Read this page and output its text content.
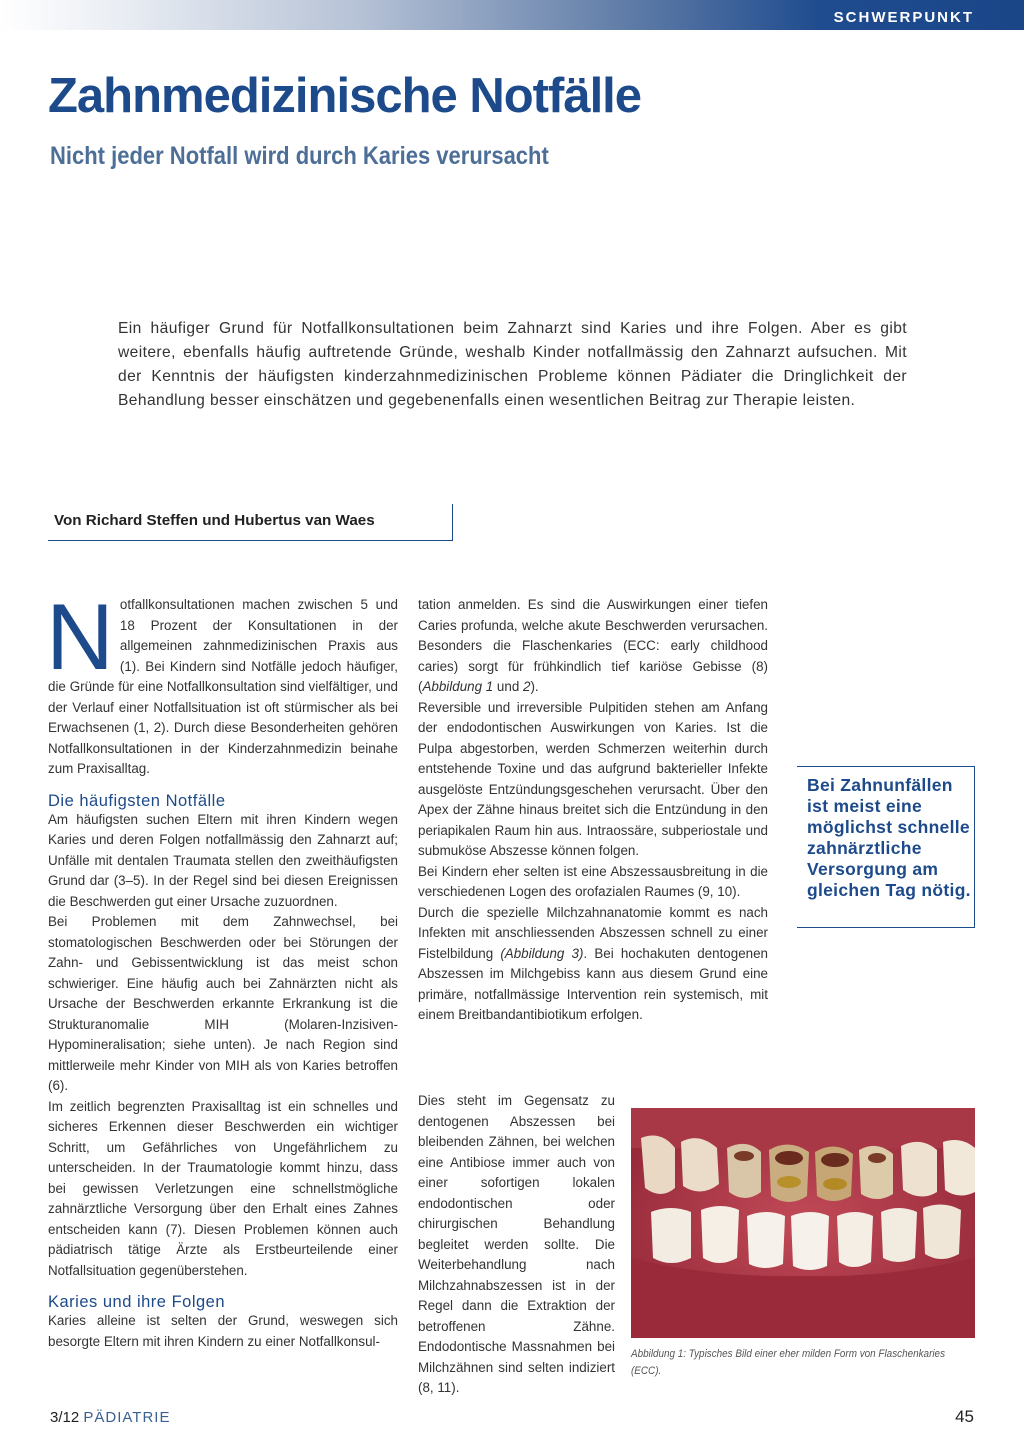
SCHWERPUNKT
Zahnmedizinische Notfälle
Nicht jeder Notfall wird durch Karies verursacht

Ein häufiger Grund für Notfallkonsultationen beim Zahnarzt sind Karies und ihre Folgen. Aber es gibt weitere, ebenfalls häufig auftretende Gründe, weshalb Kinder notfallmässig den Zahnarzt aufsuchen. Mit der Kenntnis der häufigsten kinderzahnmedizinischen Probleme können Pädiater die Dringlichkeit der Behandlung besser einschätzen und gegebenenfalls einen wesentlichen Beitrag zur Therapie leisten.

Von Richard Steffen und Hubertus van Waes

Notfallkonsultationen machen zwischen 5 und 18 Prozent der Konsultationen in der allgemeinen zahnmedizinischen Praxis aus (1). Bei Kindern sind Notfälle jedoch häufiger, die Gründe für eine Notfallkonsultation sind vielfältiger, und der Verlauf einer Notfallsituation ist oft stürmischer als bei Erwachsenen (1, 2). Durch diese Besonderheiten gehören Notfallkonsultationen in der Kinderzahnmedizin beinahe zum Praxisalltag.

Die häufigsten Notfälle

Am häufigsten suchen Eltern mit ihren Kindern wegen Karies und deren Folgen notfallmässig den Zahnarzt auf; Unfälle mit dentalen Traumata stellen den zweithäufigsten Grund dar (3–5). In der Regel sind bei diesen Ereignissen die Beschwerden gut einer Ursache zuzuordnen.

Bei Problemen mit dem Zahnwechsel, bei stomatologischen Beschwerden oder bei Störungen der Zahn- und Gebissentwicklung ist das meist schon schwieriger. Eine häufig auch bei Zahnärzten nicht als Ursache der Beschwerden erkannte Erkrankung ist die Strukturanomalie MIH (Molaren-Inzisiven-Hypomineralisation; siehe unten). Je nach Region sind mittlerweile mehr Kinder von MIH als von Karies betroffen (6).

Im zeitlich begrenzten Praxisalltag ist ein schnelles und sicheres Erkennen dieser Beschwerden ein wichtiger Schritt, um Gefährliches von Ungefährlichem zu unterscheiden. In der Traumatologie kommt hinzu, dass bei gewissen Verletzungen eine schnellstmögliche zahnärztliche Versorgung über den Erhalt eines Zahnes entscheiden kann (7). Diesen Problemen können auch pädiatrisch tätige Ärzte als Erstbeurteilende einer Notfallsituation gegenüberstehen.

Karies und ihre Folgen

Karies alleine ist selten der Grund, weswegen sich besorgte Eltern mit ihren Kindern zu einer Notfallkonsul-

tation anmelden. Es sind die Auswirkungen einer tiefen Caries profunda, welche akute Beschwerden verursachen. Besonders die Flaschenkaries (ECC: early childhood caries) sorgt für frühkindlich tief kariöse Gebisse (8) (Abbildung 1 und 2).

Reversible und irreversible Pulpitiden stehen am Anfang der endodontischen Auswirkungen von Karies. Ist die Pulpa abgestorben, werden Schmerzen weiterhin durch entstehende Toxine und das aufgrund bakterieller Infekte ausgelöste Entzündungsgeschehen verursacht. Über den Apex der Zähne hinaus breitet sich die Entzündung in den periapikalen Raum hin aus. Intraossäre, subperiostale und submuköse Abszesse können folgen.

Bei Kindern eher selten ist eine Abszessausbreitung in die verschiedenen Logen des orofazialen Raumes (9, 10).

Durch die spezielle Milchzahnanatomie kommt es nach Infekten mit anschliessenden Abszessen schnell zu einer Fistelbildung (Abbildung 3). Bei hochakuten dentogenen Abszessen im Milchgebiss kann aus diesem Grund eine primäre, notfallmässige Intervention rein systemisch, mit einem Breitbandantibiotikum erfolgen.

Dies steht im Gegensatz zu dentogenen Abszessen bei bleibenden Zähnen, bei welchen eine Antibiose immer auch von einer sofortigen lokalen endodontischen oder chirurgischen Behandlung begleitet werden sollte. Die Weiterbehandlung nach Milchzahnabszessen ist in der Regel dann die Extraktion der betroffenen Zähne. Endodontische Massnahmen bei Milchzähnen sind selten indiziert (8, 11).

Bei Zahnunfällen ist meist eine möglichst schnelle zahnärztliche Versorgung am gleichen Tag nötig.
Abbildung 1: Typisches Bild einer eher milden Form von Flaschenkaries (ECC).
3/12 PÄDIATRIE	45
